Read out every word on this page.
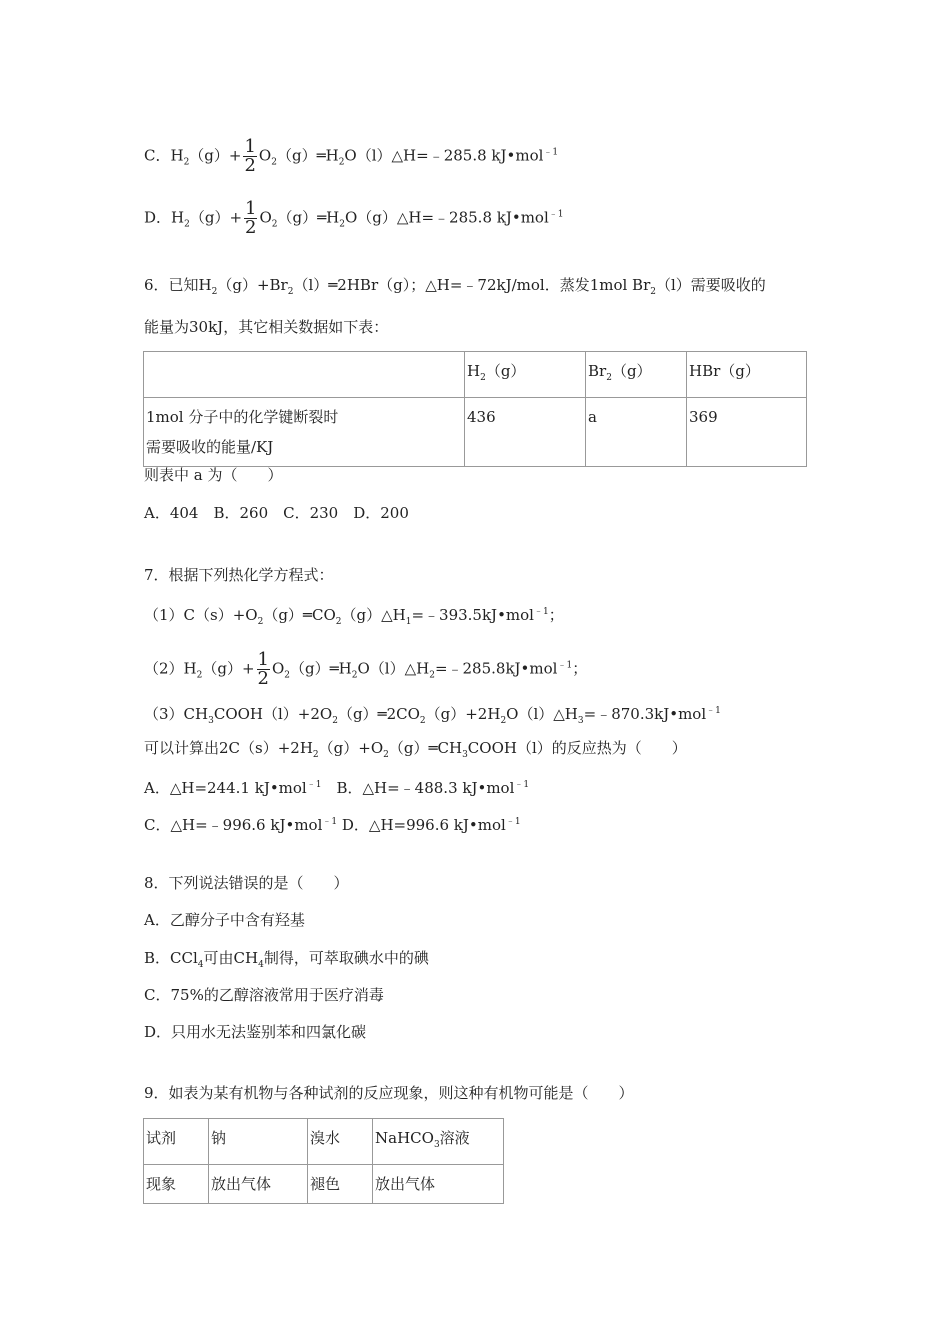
C．$H_2(g)+ \frac{1}{2}$ $O_2(g)═H_2O(l)\triangle H=﹣285.8$ kJ•mol$^{﹣1}$
D．$H_2(g)+ \frac{1}{2}$ $O_2(g)═H_2O(g)\triangle H=﹣285.8$ kJ•mol$^{﹣1}$
6．已知$H_2(g)+Br_2(l)═2HBr(g)$；△H=﹣72kJ/mol．蒸发1mol $Br_2(l)$需要吸收的
能量为30kJ，其它相关数据如下表：
	$H_2(g)$	$Br_2(g)$	HBr（g）

1mol 分子中的化学键断裂时
需要吸收的能量/KJ	436	a	369
则表中 a 为（　　）
A．404　B．260　C．230　D．200
7．根据下列热化学方程式：
$(1)C(s)+O_2(g)═CO_2(g)\triangle H_1=﹣393.5kJ•mol^{﹣1}$；
$(2)H_2(g)+ \frac{1}{2}$ $O_2(g)═H_2O(l)\triangle H_2=﹣285.8kJ•mol^{﹣1}$；
$(3)CH_3COOH(l)+2O_2(g)═2CO_2(g)+2H_2O(l)\triangle H_3=﹣870.3kJ•mol^{﹣1}$
可以计算出$2C(s)+2H_2(g)+O_2(g)═CH_3COOH(l)$的反应热为（　　）
A．△H=244.1 kJ•mol$^{﹣1}$　B．△H=﹣488.3 kJ•mol$^{﹣1}$
C．△H=﹣996.6 kJ•mol$^{﹣1}$ D．△H=996.6 kJ•mol$^{﹣1}$
8．下列说法错误的是（　　）
A．乙醇分子中含有羟基
B．CCl$_4$可由$CH_4$制得，可萃取碘水中的碘
C．75%的乙醇溶液常用于医疗消毒
D．只用水无法鉴别苯和四氯化碳
9．如表为某有机物与各种试剂的反应现象，则这种有机物可能是（　　）
试剂	钠	溴水	NaHCO$_3$溶液
现象	放出气体	褪色	放出气体
